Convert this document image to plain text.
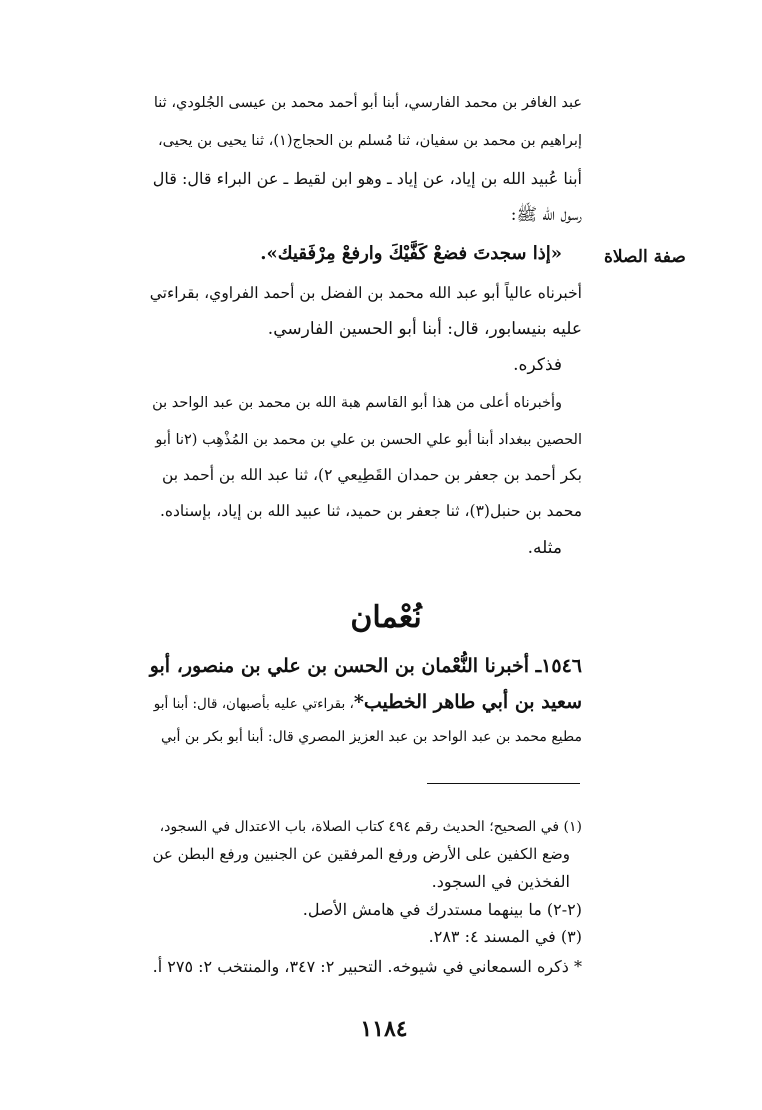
عبد الغافر بن محمد الفارسي، أبنا أبو أحمد محمد بن عيسى الجُلودي، ثنا
إبراهيم بن محمد بن سفيان، ثنا مُسلم بن الحجاج(١)، ثنا يحيى بن يحيى،
أبنا عُبيد الله بن إياد، عن إياد ـ وهو ابن لقيط ـ عن البراء قال: قال
رسول الله ﷺ:
صفة الصلاة
«إذا سجدتَ فضعْ كَفَّيْكَ وارفعْ مِرْفَقيك».
أخبرناه عالياً أبو عبد الله محمد بن الفضل بن أحمد الفراوي، بقراءتي
عليه بنيسابور، قال: أبنا أبو الحسين الفارسي.
فذكره.
وأخبرناه أعلى من هذا أبو القاسم هبة الله بن محمد بن عبد الواحد بن
الحصين ببغداد أبنا أبو علي الحسن بن علي بن محمد بن المُذْهِب (٢نا أبو
بكر أحمد بن جعفر بن حمدان القَطِيعي ٢)، ثنا عبد الله بن أحمد بن
محمد بن حنبل(٣)، ثنا جعفر بن حميد، ثنا عبيد الله بن إياد، بإسناده.
مثله.
نُعْمان
١٥٤٦ـ أخبرنا النُّعْمان بن الحسن بن علي بن منصور، أبو
سعيد بن أبي طاهر الخطيب*، بقراءتي عليه بأصبهان، قال: أبنا أبو
مطيع محمد بن عبد الواحد بن عبد العزيز المصري قال: أبنا أبو بكر بن أبي
(١) في الصحيح؛ الحديث رقم ٤٩٤ كتاب الصلاة، باب الاعتدال في السجود،
وضع الكفين على الأرض ورفع المرفقين عن الجنبين ورفع البطن عن
الفخذين في السجود.
(٢-٢) ما بينهما مستدرك في هامش الأصل.
(٣) في المسند ٤: ٢٨٣.
* ذكره السمعاني في شيوخه. التحبير ٢: ٣٤٧، والمنتخب ٢: ٢٧٥ أ.
١١٨٤
